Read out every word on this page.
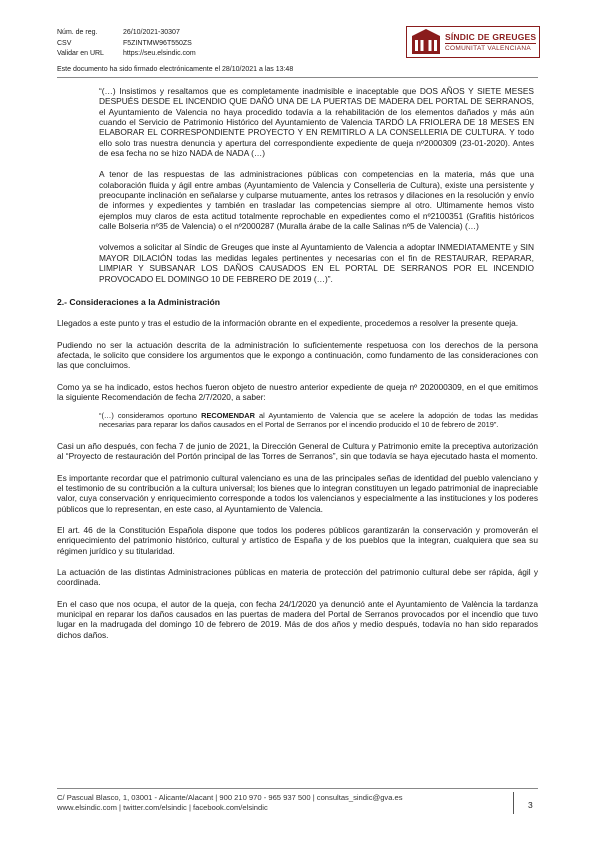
Núm. de reg.	26/10/2021-30307
CSV	F5ZINTMW96T550ZS
Validar en URL	https://seu.elsindic.com
Este documento ha sido firmado electrónicamente el 28/10/2021 a las 13:48
SÍNDIC DE GREUGES
COMUNITAT VALENCIANA

“(…) Insistimos y resaltamos que es completamente inadmisible e inaceptable que DOS AÑOS Y SIETE MESES DESPUÉS DESDE EL INCENDIO QUE DAÑÓ UNA DE LA PUERTAS DE MADERA DEL PORTAL DE SERRANOS, el Ayuntamiento de Valencia no haya procedido todavía a la rehabilitación de los elementos dañados y más aún cuando el Servicio de Patrimonio Histórico del Ayuntamiento de Valencia TARDÓ LA FRIOLERA DE 18 MESES EN ELABORAR EL CORRESPONDIENTE PROYECTO Y EN REMITIRLO A LA CONSELLERIA DE CULTURA. Y todo ello solo tras nuestra denuncia y apertura del correspondiente expediente de queja nº2000309 (23-01-2020). Antes de esa fecha no se hizo NADA de NADA (…)

A tenor de las respuestas de las administraciones públicas con competencias en la materia, más que una colaboración fluida y ágil entre ambas (Ayuntamiento de Valencia y Conselleria de Cultura), existe una persistente y preocupante inclinación en señalarse y culparse mutuamente, antes los retrasos y dilaciones en la resolución y envío de informes y expedientes y también en trasladar las competencias siempre al otro. Ultimamente hemos visto ejemplos muy claros de esta actitud totalmente reprochable en expedientes como el nº2100351 (Grafitis históricos calle Bolseria nº35 de Valencia) o el nº2000287 (Muralla árabe de la calle Salinas nº5 de Valencia) (…)

volvemos a solicitar al Síndic de Greuges que inste al Ayuntamiento de Valencia a adoptar INMEDIATAMENTE y SIN MAYOR DILACIÓN todas las medidas legales pertinentes y necesarias con el fin de RESTAURAR, REPARAR, LIMPIAR Y SUBSANAR LOS DAÑOS CAUSADOS EN EL PORTAL DE SERRANOS POR EL INCENDIO PROVOCADO EL DOMINGO 10 DE FEBRERO DE 2019 (…)”.

2.- Consideraciones a la Administración

Llegados a este punto y tras el estudio de la información obrante en el expediente, procedemos a resolver la presente queja.

Pudiendo no ser la actuación descrita de la administración lo suficientemente respetuosa con los derechos de la persona afectada, le solicito que considere los argumentos que le expongo a continuación, como fundamento de las consideraciones con las que concluimos.

Como ya se ha indicado, estos hechos fueron objeto de nuestro anterior expediente de queja nº 202000309, en el que emitimos la siguiente Recomendación de fecha 2/7/2020, a saber:

“(…) consideramos oportuno RECOMENDAR al Ayuntamiento de Valencia que se acelere la adopción de todas las medidas necesarias para reparar los daños causados en el Portal de Serranos por el incendio producido el 10 de febrero de 2019”.

Casi un año después, con fecha 7 de junio de 2021, la Dirección General de Cultura y Patrimonio emite la preceptiva autorización al “Proyecto de restauración del Portón principal de las Torres de Serranos”, sin que todavía se haya ejecutado hasta el momento.

Es importante recordar que el patrimonio cultural valenciano es una de las principales señas de identidad del pueblo valenciano y el testimonio de su contribución a la cultura universal; los bienes que lo integran constituyen un legado patrimonial de inapreciable valor, cuya conservación y enriquecimiento corresponde a todos los valencianos y especialmente a las instituciones y los poderes públicos que lo representan, en este caso, al Ayuntamiento de Valencia.

El art. 46 de la Constitución Española dispone que todos los poderes públicos garantizarán la conservación y promoverán el enriquecimiento del patrimonio histórico, cultural y artístico de España y de los pueblos que la integran, cualquiera que sea su régimen jurídico y su titularidad.

La actuación de las distintas Administraciones públicas en materia de protección del patrimonio cultural debe ser rápida, ágil y coordinada.

En el caso que nos ocupa, el autor de la queja, con fecha 24/1/2020 ya denunció ante el Ayuntamiento de València la tardanza municipal en reparar los daños causados en las puertas de madera del Portal de Serranos provocados por el incendio que tuvo lugar en la madrugada del domingo 10 de febrero de 2019. Más de dos años y medio después, todavía no han sido reparados dichos daños.

C/ Pascual Blasco, 1, 03001 - Alicante/Alacant | 900 210 970 - 965 937 500 | consultas_sindic@gva.es
www.elsindic.com | twitter.com/elsindic | facebook.com/elsindic	3
